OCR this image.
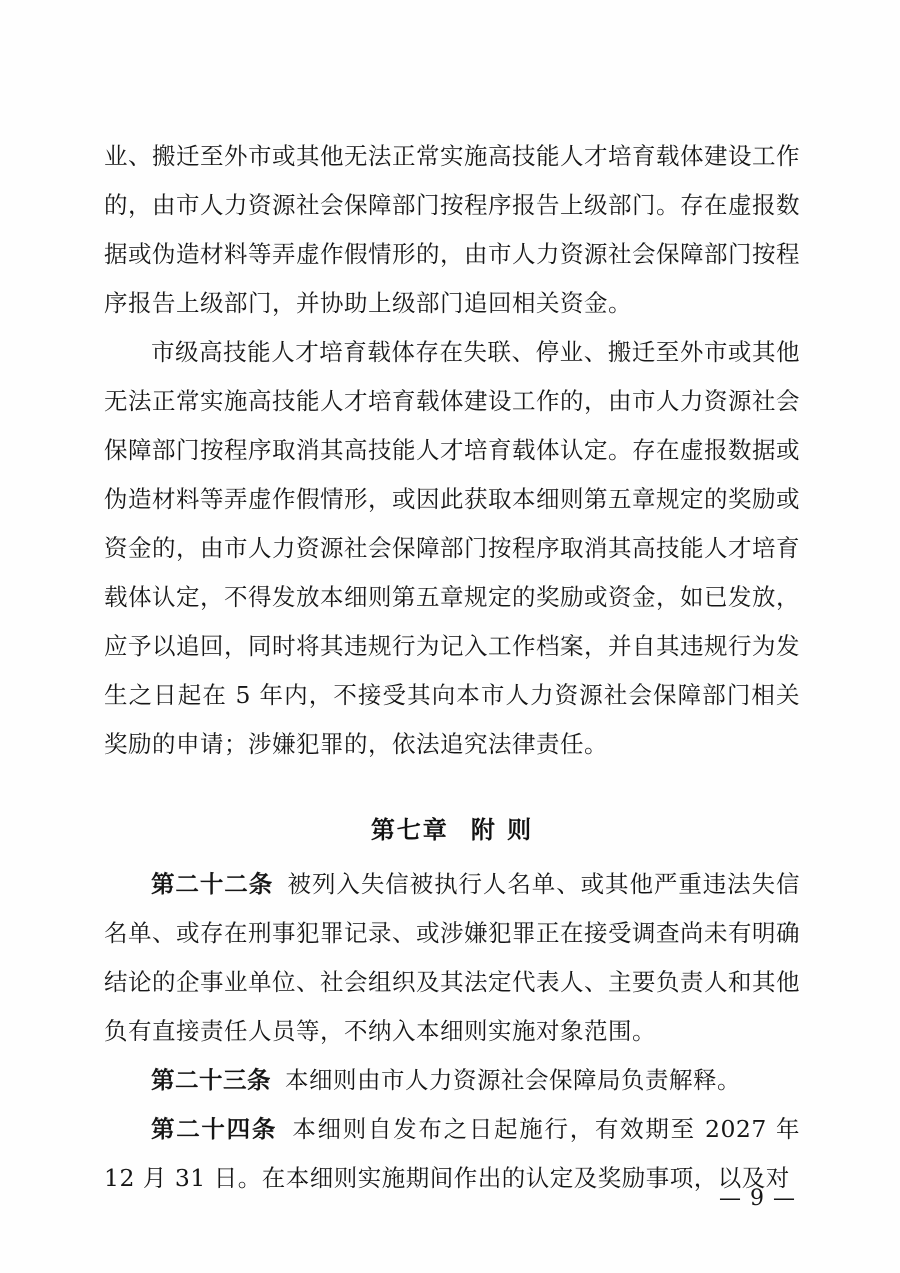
业、搬迁至外市或其他无法正常实施高技能人才培育载体建设工作的，由市人力资源社会保障部门按程序报告上级部门。存在虚报数据或伪造材料等弄虚作假情形的，由市人力资源社会保障部门按程序报告上级部门，并协助上级部门追回相关资金。

市级高技能人才培育载体存在失联、停业、搬迁至外市或其他无法正常实施高技能人才培育载体建设工作的，由市人力资源社会保障部门按程序取消其高技能人才培育载体认定。存在虚报数据或伪造材料等弄虚作假情形，或因此获取本细则第五章规定的奖励或资金的，由市人力资源社会保障部门按程序取消其高技能人才培育载体认定，不得发放本细则第五章规定的奖励或资金，如已发放，应予以追回，同时将其违规行为记入工作档案，并自其违规行为发生之日起在 5 年内，不接受其向本市人力资源社会保障部门相关奖励的申请；涉嫌犯罪的，依法追究法律责任。

第七章 附 则

第二十二条 被列入失信被执行人名单、或其他严重违法失信名单、或存在刑事犯罪记录、或涉嫌犯罪正在接受调查尚未有明确结论的企事业单位、社会组织及其法定代表人、主要负责人和其他负有直接责任人员等，不纳入本细则实施对象范围。

第二十三条 本细则由市人力资源社会保障局负责解释。

第二十四条 本细则自发布之日起施行，有效期至 2027 年 12 月 31 日。在本细则实施期间作出的认定及奖励事项，以及对

— 9 —
